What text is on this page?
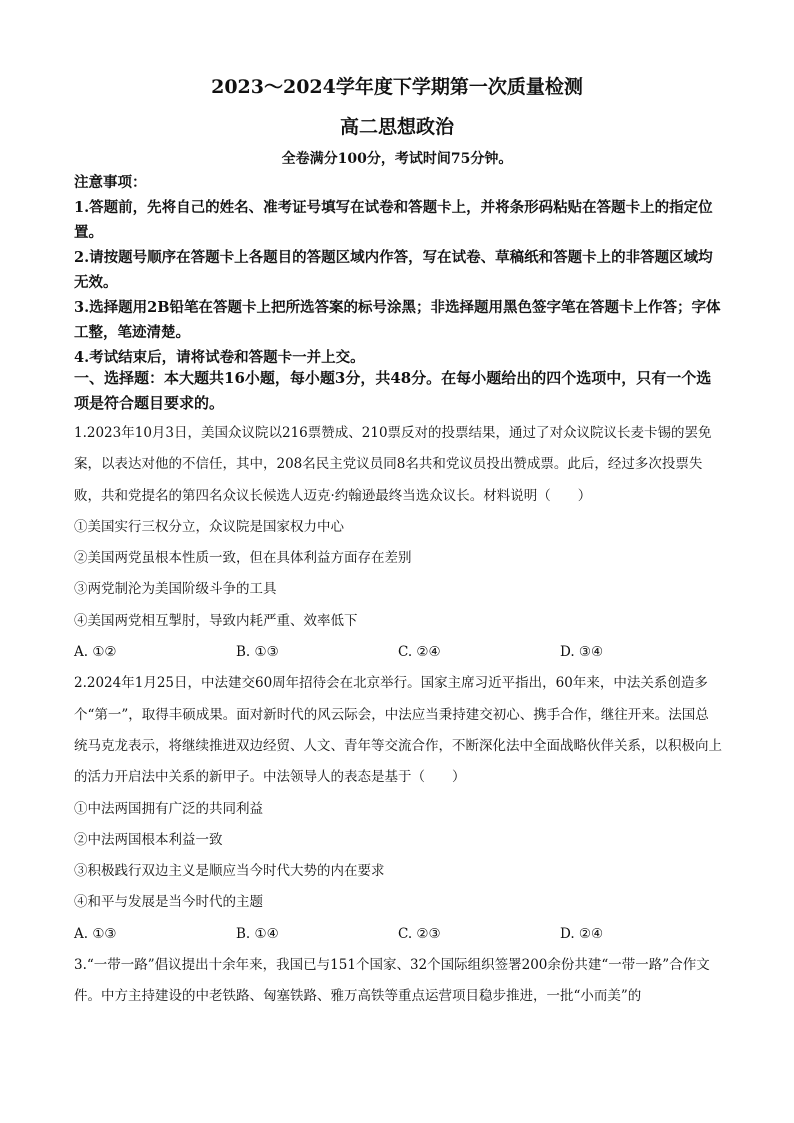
2023～2024学年度下学期第一次质量检测
高二思想政治
全卷满分100分，考试时间75分钟。

注意事项：

1.答题前，先将自己的姓名、准考证号填写在试卷和答题卡上，并将条形码粘贴在答题卡上的指定位置。

2.请按题号顺序在答题卡上各题目的答题区域内作答，写在试卷、草稿纸和答题卡上的非答题区域均无效。

3.选择题用2B铅笔在答题卡上把所选答案的标号涂黑；非选择题用黑色签字笔在答题卡上作答；字体工整，笔迹清楚。

4.考试结束后，请将试卷和答题卡一并上交。

一、选择题：本大题共16小题，每小题3分，共48分。在每小题给出的四个选项中，只有一个选项是符合题目要求的。

1.2023年10月3日，美国众议院以216票赞成、210票反对的投票结果，通过了对众议院议长麦卡锡的罢免案，以表达对他的不信任，其中，208名民主党议员同8名共和党议员投出赞成票。此后，经过多次投票失败，共和党提名的第四名众议长候选人迈克·约翰逊最终当选众议长。材料说明（　　）

①美国实行三权分立，众议院是国家权力中心

②美国两党虽根本性质一致，但在具体利益方面存在差别

③两党制沦为美国阶级斗争的工具

④美国两党相互掣肘，导致内耗严重、效率低下

A. ①②	B. ①③	C. ②④	D. ③④

2.2024年1月25日，中法建交60周年招待会在北京举行。国家主席习近平指出，60年来，中法关系创造多个“第一”，取得丰硕成果。面对新时代的风云际会，中法应当秉持建交初心、携手合作，继往开来。法国总统马克龙表示，将继续推进双边经贸、人文、青年等交流合作，不断深化法中全面战略伙伴关系，以积极向上的活力开启法中关系的新甲子。中法领导人的表态是基于（　　）

①中法两国拥有广泛的共同利益

②中法两国根本利益一致

③积极践行双边主义是顺应当今时代大势的内在要求

④和平与发展是当今时代的主题

A. ①③	B. ①④	C. ②③	D. ②④

3.“一带一路”倡议提出十余年来，我国已与151个国家、32个国际组织签署200余份共建“一带一路”合作文件。中方主持建设的中老铁路、匈塞铁路、雅万高铁等重点运营项目稳步推进，一批“小而美”的
